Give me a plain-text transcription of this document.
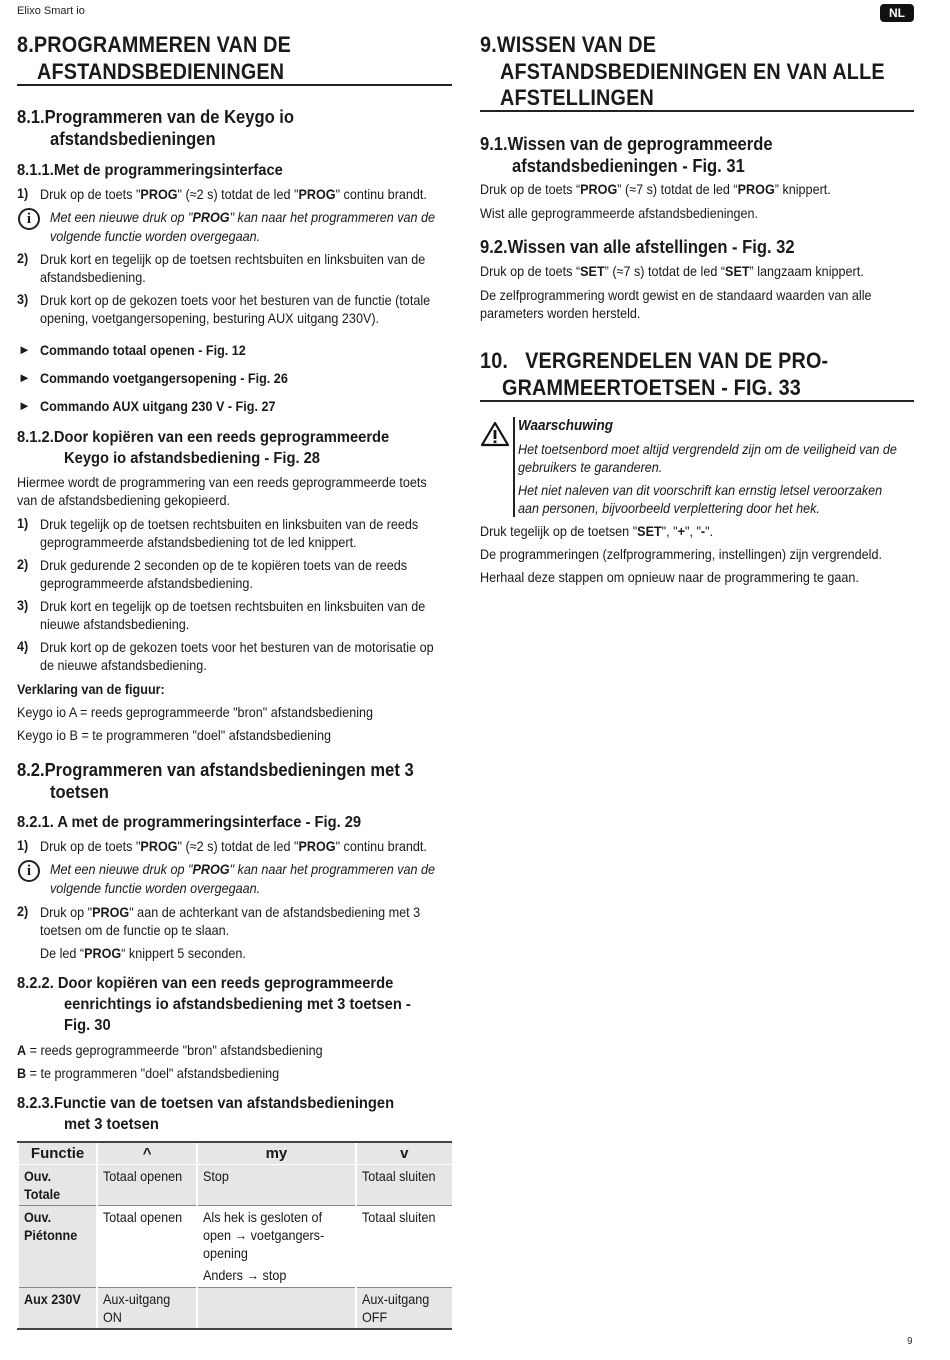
Elixo Smart io	NL
8.PROGRAMMEREN VAN DE
AFSTANDSBEDIENINGEN
8.1.Programmeren van de Keygo io
afstandsbedieningen
8.1.1.Met de programmeringsinterface
1) Druk op de toets "PROG" (≈2 s) totdat de led "PROG" continu brandt.
i	Met een nieuwe druk op "PROG" kan naar het programmeren van de
volgende functie worden overgegaan.
2) Druk kort en tegelijk op de toetsen rechtsbuiten en linksbuiten van de
afstandsbediening.
3) Druk kort op de gekozen toets voor het besturen van de functie (totale
opening, voetgangersopening, besturing AUX uitgang 230V).
► Commando totaal openen - Fig. 12
► Commando voetgangersopening - Fig. 26
► Commando AUX uitgang 230 V - Fig. 27
8.1.2.Door kopiëren van een reeds geprogrammeerde
Keygo io afstandsbediening - Fig. 28
Hiermee wordt de programmering van een reeds geprogrammeerde toets
van de afstandsbediening gekopieerd.
1) Druk tegelijk op de toetsen rechtsbuiten en linksbuiten van de reeds
geprogrammeerde afstandsbediening tot de led knippert.
2) Druk gedurende 2 seconden op de te kopiëren toets van de reeds
geprogrammeerde afstandsbediening.
3) Druk kort en tegelijk op de toetsen rechtsbuiten en linksbuiten van de
nieuwe afstandsbediening.
4) Druk kort op de gekozen toets voor het besturen van de motorisatie op
de nieuwe afstandsbediening.
Verklaring van de figuur:
Keygo io A = reeds geprogrammeerde "bron" afstandsbediening
Keygo io B = te programmeren "doel" afstandsbediening
8.2.Programmeren van afstandsbedieningen met 3
toetsen
8.2.1. A met de programmeringsinterface - Fig. 29
1) Druk op de toets "PROG" (≈2 s) totdat de led "PROG" continu brandt.
i	Met een nieuwe druk op "PROG" kan naar het programmeren van de
volgende functie worden overgegaan.
2) Druk op "PROG" aan de achterkant van de afstandsbediening met 3
toetsen om de functie op te slaan.
De led “PROG“ knippert 5 seconden.
8.2.2. Door kopiëren van een reeds geprogrammeerde
eenrichtings io afstandsbediening met 3 toetsen -
Fig. 30
A = reeds geprogrammeerde "bron" afstandsbediening
B = te programmeren "doel" afstandsbediening
8.2.3.Functie van de toetsen van afstandsbedieningen
met 3 toetsen
Functie	^	my	v
Ouv.
Totale	Totaal openen	Stop	Totaal sluiten
Ouv.
Piétonne	Totaal openen	Als hek is gesloten of
open → voetgangers-
opening
Anders → stop	Totaal sluiten
Aux 230V	Aux-uitgang
ON		Aux-uitgang
OFF
9.WISSEN VAN DE
AFSTANDSBEDIENINGEN EN VAN ALLE
AFSTELLINGEN
9.1.Wissen van de geprogrammeerde
afstandsbedieningen - Fig. 31
Druk op de toets “PROG” (≈7 s) totdat de led “PROG” knippert.
Wist alle geprogrammeerde afstandsbedieningen.
9.2.Wissen van alle afstellingen - Fig. 32
Druk op de toets “SET” (≈7 s) totdat de led “SET” langzaam knippert.
De zelfprogrammering wordt gewist en de standaard waarden van alle
parameters worden hersteld.
10.   VERGRENDELEN VAN DE PRO-
GRAMMEERTOETSEN - FIG. 33
Waarschuwing
Het toetsenbord moet altijd vergrendeld zijn om de veiligheid van de
gebruikers te garanderen.
Het niet naleven van dit voorschrift kan ernstig letsel veroorzaken
aan personen, bijvoorbeeld verplettering door het hek.
Druk tegelijk op de toetsen "SET", "+", "-".
De programmeringen (zelfprogrammering, instellingen) zijn vergrendeld.
Herhaal deze stappen om opnieuw naar de programmering te gaan.
9
